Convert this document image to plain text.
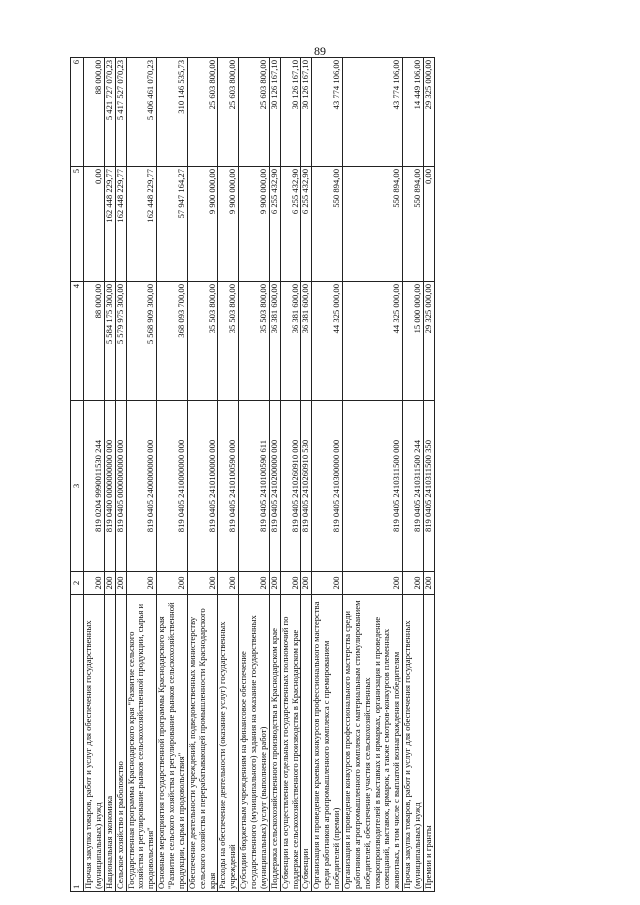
89
1	2	3	4	5	6
Прочая закупка товаров, работ и услуг для обеспечения государственных (муниципальных) нужд	200	819 0204 9990011530 244	88 000,00	0,00	88 000,00
Национальная экономика	200	819 0400 0000000000 000	5 584 175 300,00	162 448 229,77	5 421 727 070,23
Сельское хозяйство и рыболовство	200	819 0405 0000000000 000	5 579 975 300,00	162 448 229,77	5 417 527 070,23
Государственная программа Краснодарского края "Развитие сельского хозяйства и регулирование рынков сельскохозяйственной продукции, сырья и продовольствия"	200	819 0405 2400000000 000	5 568 909 300,00	162 448 229,77	5 406 461 070,23
Основные мероприятия государственной программы Краснодарского края "Развитие сельского хозяйства и регулирование рынков сельскохозяйственной продукции, сырья и продовольствия"	200	819 0405 2410000000 000	368 093 700,00	57 947 164,27	310 146 535,73
Обеспечение деятельности учреждений, подведомственных министерству сельского хозяйства и перерабатывающей промышленности Краснодарского края	200	819 0405 2410100000 000	35 503 800,00	9 900 000,00	25 603 800,00
Расходы на обеспечение деятельности (оказание услуг) государственных учреждений	200	819 0405 2410100590 000	35 503 800,00	9 900 000,00	25 603 800,00
Субсидии бюджетным учреждениям на финансовое обеспечение государственного (муниципального) задания на оказание государственных (муниципальных) услуг (выполнение работ)	200	819 0405 2410100590 611	35 503 800,00	9 900 000,00	25 603 800,00
Поддержка сельскохозяйственного производства в Краснодарском крае	200	819 0405 2410200000 000	36 381 600,00	6 255 432,90	30 126 167,10
Субвенции на осуществление отдельных государственных полномочий по поддержке сельскохозяйственного производства в Краснодарском крае	200	819 0405 2410260910 000	36 381 600,00	6 255 432,90	30 126 167,10
Субвенции	200	819 0405 2410260910 530	36 381 600,00	6 255 432,90	30 126 167,10
Организация и проведение краевых конкурсов профессионального мастерства среди работников агропромышленного комплекса с премированием победителей (премии)	200	819 0405 2410300000 000	44 325 000,00	550 894,00	43 774 106,00
Организация и проведение конкурсов профессионального мастерства среди работников агропромышленного комплекса с материальным стимулированием победителей, обеспечение участия сельскохозяйственных товаропроизводителей в выставках и ярмарках, организация и проведение совещаний, выставок, ярмарок, а также смотров-конкурсов племенных животных, в том числе с выплатой вознаграждения победителям	200	819 0405 2410311500 000	44 325 000,00	550 894,00	43 774 106,00
Прочая закупка товаров, работ и услуг для обеспечения государственных (муниципальных) нужд	200	819 0405 2410311500 244	15 000 000,00	550 894,00	14 449 106,00
Премии и гранты	200	819 0405 2410311500 350	29 325 000,00	0,00	29 325 000,00
